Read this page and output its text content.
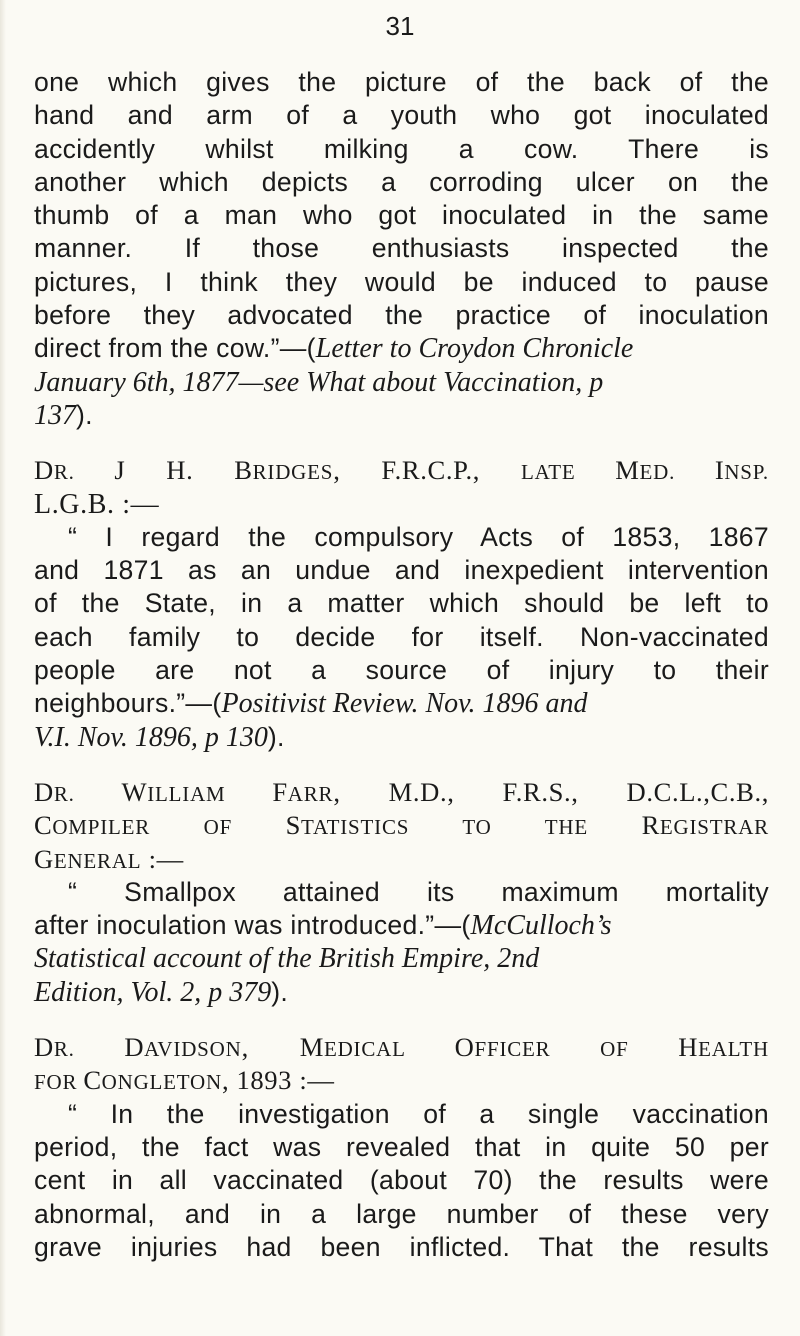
31
one which gives the picture of the back of the
hand and arm of a youth who got inoculated
accidently whilst milking a cow. There is
another which depicts a corroding ulcer on the
thumb of a man who got inoculated in the same
manner. If those enthusiasts inspected the
pictures, I think they would be induced to pause
before they advocated the practice of inoculation
direct from the cow.”—(Letter to Croydon Chronicle
January 6th, 1877—see What about Vaccination, p
137).
DR. J H. BRIDGES, F.R.C.P., LATE MED. INSP.
L.G.B. :—
“ I regard the compulsory Acts of 1853, 1867
and 1871 as an undue and inexpedient intervention
of the State, in a matter which should be left to
each family to decide for itself. Non-vaccinated
people are not a source of injury to their
neighbours.”—(Positivist Review. Nov. 1896 and
V.I. Nov. 1896, p 130).
DR. WILLIAM FARR, M.D., F.R.S., D.C.L.,C.B.,
COMPILER OF STATISTICS TO THE REGISTRAR
GENERAL :—
“ Smallpox attained its maximum mortality
after inoculation was introduced.”—(McCulloch’s
Statistical account of the British Empire, 2nd
Edition, Vol. 2, p 379).
DR. DAVIDSON, MEDICAL OFFICER OF HEALTH
FOR CONGLETON, 1893 :—
“ In the investigation of a single vaccination
period, the fact was revealed that in quite 50 per
cent in all vaccinated (about 70) the results were
abnormal, and in a large number of these very
grave injuries had been inflicted. That the results
